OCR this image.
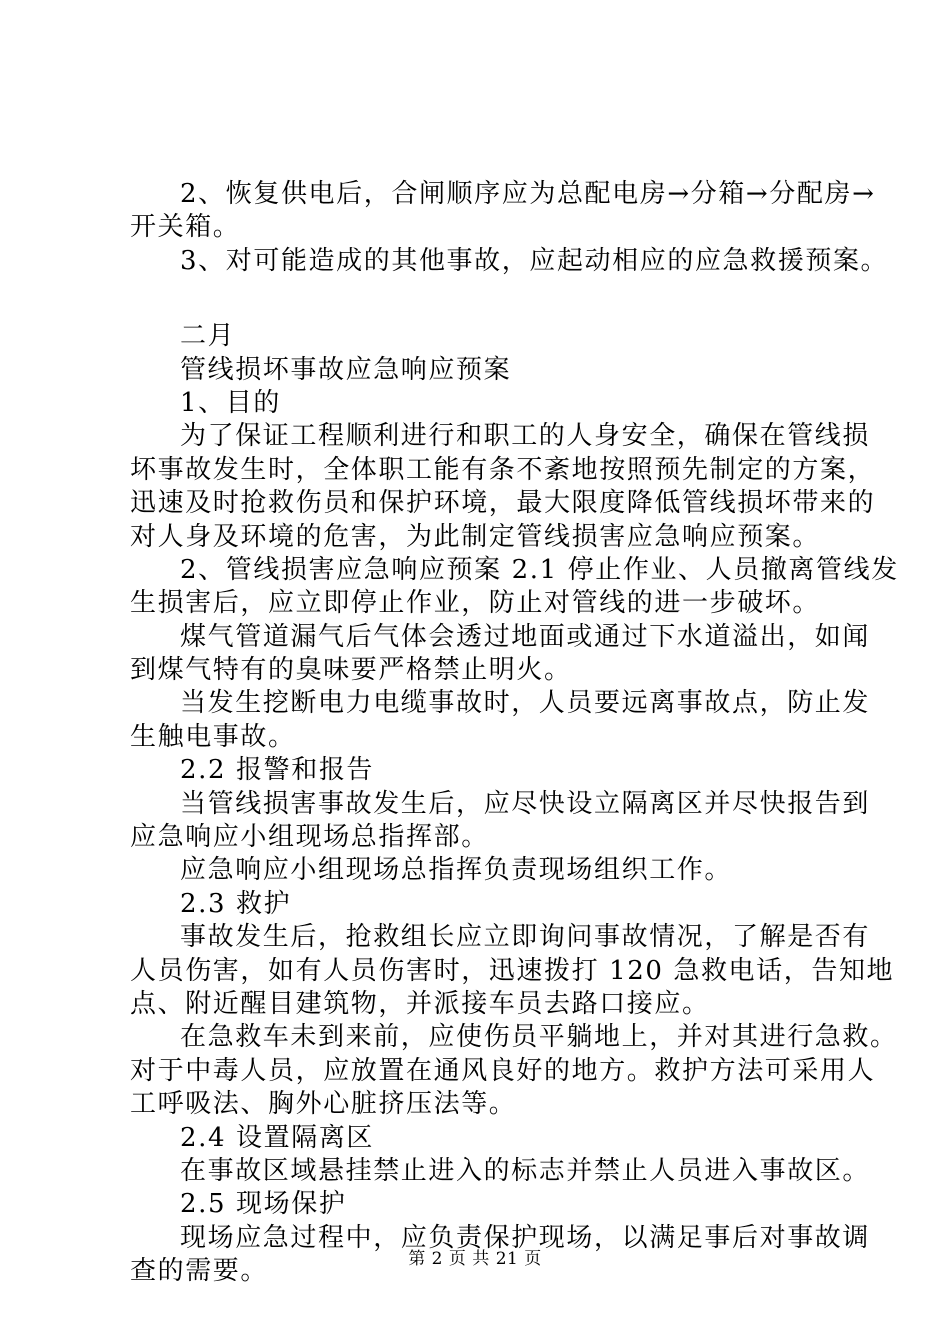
2、恢复供电后，合闸顺序应为总配电房→分箱→分配房→
开关箱。
3、对可能造成的其他事故，应起动相应的应急救援预案。
二月
管线损坏事故应急响应预案
1、目的
为了保证工程顺利进行和职工的人身安全，确保在管线损
坏事故发生时，全体职工能有条不紊地按照预先制定的方案，
迅速及时抢救伤员和保护环境，最大限度降低管线损坏带来的
对人身及环境的危害，为此制定管线损害应急响应预案。
2、管线损害应急响应预案 2.1 停止作业、人员撤离管线发
生损害后，应立即停止作业，防止对管线的进一步破坏。
煤气管道漏气后气体会透过地面或通过下水道溢出，如闻
到煤气特有的臭味要严格禁止明火。
当发生挖断电力电缆事故时，人员要远离事故点，防止发
生触电事故。
2.2 报警和报告
当管线损害事故发生后，应尽快设立隔离区并尽快报告到
应急响应小组现场总指挥部。
应急响应小组现场总指挥负责现场组织工作。
2.3 救护
事故发生后，抢救组长应立即询问事故情况，了解是否有
人员伤害，如有人员伤害时，迅速拨打 120 急救电话，告知地
点、附近醒目建筑物，并派接车员去路口接应。
在急救车未到来前，应使伤员平躺地上，并对其进行急救。
对于中毒人员，应放置在通风良好的地方。救护方法可采用人
工呼吸法、胸外心脏挤压法等。
2.4 设置隔离区
在事故区域悬挂禁止进入的标志并禁止人员进入事故区。
2.5 现场保护
现场应急过程中，应负责保护现场，以满足事后对事故调
查的需要。	第 2 页 共 21 页
